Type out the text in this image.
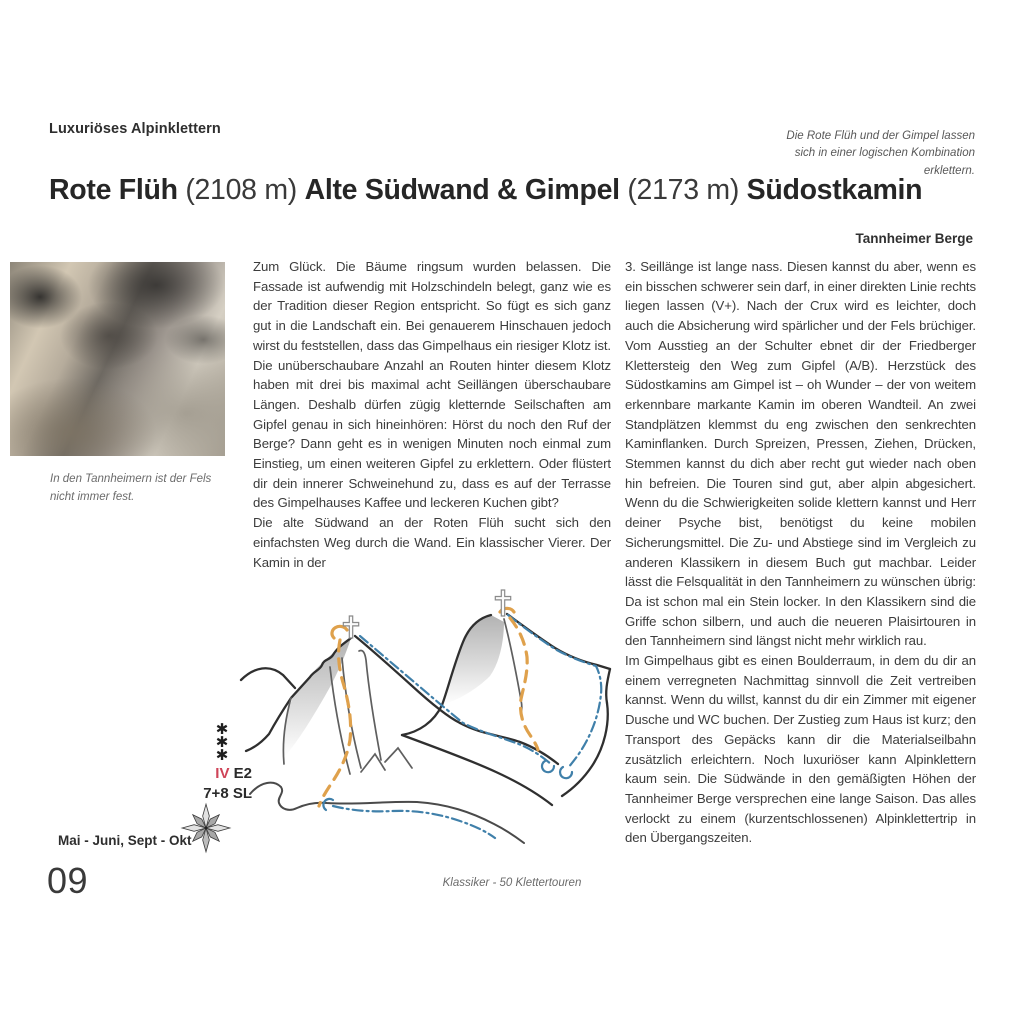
Luxuriöses Alpinklettern	Die Rote Flüh und der Gimpel lassen sich in einer logischen Kombination erklettern.
Rote Flüh (2108 m) Alte Südwand & Gimpel (2173 m) Südostkamin
Tannheimer Berge
In den Tannheimern ist der Fels nicht immer fest.

Zum Glück. Die Bäume ringsum wurden belassen. Die Fassade ist aufwendig mit Holzschindeln belegt, ganz wie es der Tradition dieser Region entspricht. So fügt es sich ganz gut in die Landschaft ein. Bei genauerem Hinschauen jedoch wirst du feststellen, dass das Gimpelhaus ein riesiger Klotz ist. Die unüberschaubare Anzahl an Routen hinter diesem Klotz haben mit drei bis maximal acht Seillängen überschaubare Längen. Deshalb dürfen zügig kletternde Seilschaften am Gipfel genau in sich hineinhören: Hörst du noch den Ruf der Berge? Dann geht es in wenigen Minuten noch einmal zum Einstieg, um einen weiteren Gipfel zu erklettern. Oder flüstert dir dein innerer Schweinehund zu, dass es auf der Terrasse des Gimpelhauses Kaffee und leckeren Kuchen gibt?

Die alte Südwand an der Roten Flüh sucht sich den einfachsten Weg durch die Wand. Ein klassischer Vierer. Der Kamin in der

3. Seillänge ist lange nass. Diesen kannst du aber, wenn es ein bisschen schwerer sein darf, in einer direkten Linie rechts liegen lassen (V+). Nach der Crux wird es leichter, doch auch die Absicherung wird spärlicher und der Fels brüchiger. Vom Ausstieg an der Schulter ebnet dir der Friedberger Klettersteig den Weg zum Gipfel (A/B). Herzstück des Südostkamins am Gimpel ist – oh Wunder – der von weitem erkennbare markante Kamin im oberen Wandteil. An zwei Standplätzen klemmst du eng zwischen den senkrechten Kaminflanken. Durch Spreizen, Pressen, Ziehen, Drücken, Stemmen kannst du dich aber recht gut wieder nach oben hin befreien. Die Touren sind gut, aber alpin abgesichert. Wenn du die Schwierigkeiten solide klettern kannst und Herr deiner Psyche bist, benötigst du keine mobilen Sicherungsmittel. Die Zu- und Abstiege sind im Vergleich zu anderen Klassikern in diesem Buch gut machbar. Leider lässt die Felsqualität in den Tannheimern zu wünschen übrig: Da ist schon mal ein Stein locker. In den Klassikern sind die Griffe schon silbern, und auch die neueren Plaisirtouren in den Tannheimern sind längst nicht mehr wirklich rau.

Im Gimpelhaus gibt es einen Boulderraum, in dem du dir an einem verregneten Nachmittag sinnvoll die Zeit vertreiben kannst. Wenn du willst, kannst du dir ein Zimmer mit eigener Dusche und WC buchen. Der Zustieg zum Haus ist kurz; den Transport des Gepäcks kann dir die Materialseilbahn zusätzlich erleichtern. Noch luxuriöser kann Alpinklettern kaum sein. Die Südwände in den gemäßigten Höhen der Tannheimer Berge versprechen eine lange Saison. Das alles verlockt zu einem (kurzentschlossenen) Alpinklettertrip in den Übergangszeiten.

✱
✱
✱
IV E2
7+8 SL
Mai - Juni, Sept - Okt
09	Klassiker - 50 Klettertouren
